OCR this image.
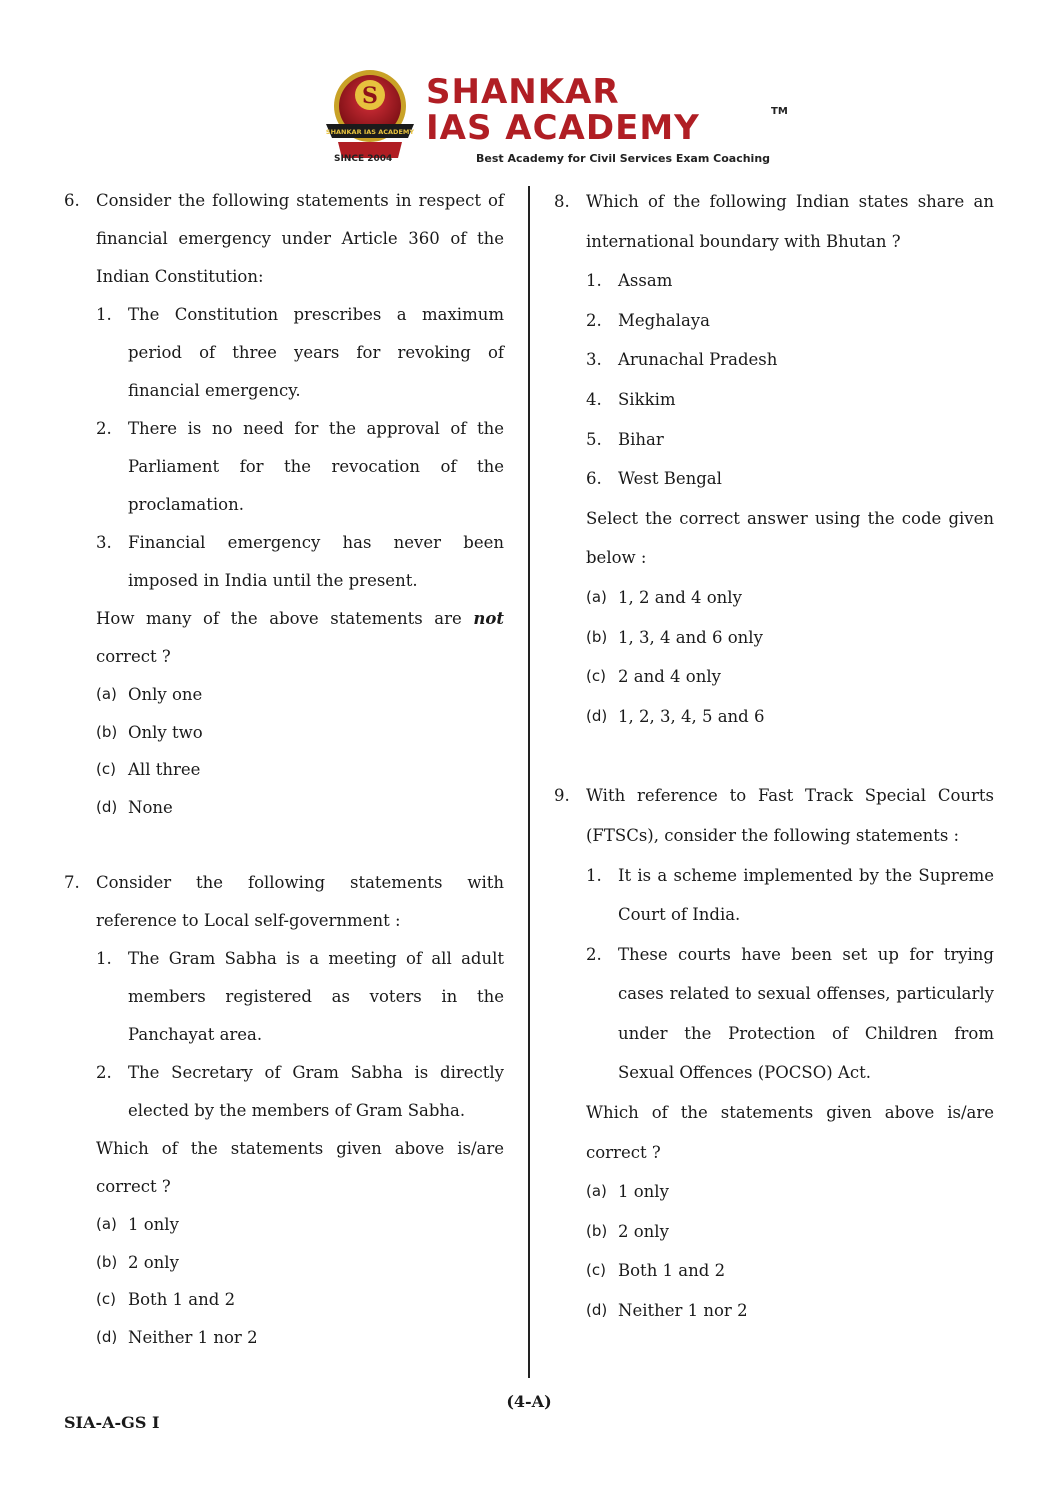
S
SHANKAR IAS ACADEMY
SINCE 2004
SHANKAR
IAS ACADEMY	TM
Best Academy for Civil Services Exam Coaching
6. Consider the following statements in respect of financial emergency under Article 360 of the Indian Constitution:
1. The Constitution prescribes a maximum period of three years for revoking of financial emergency.
2. There is no need for the approval of the Parliament for the revocation of the proclamation.
3. Financial emergency has never been imposed in India until the present.
How many of the above statements are not correct ?
(a) Only one
(b) Only two
(c) All three
(d) None
7. Consider the following statements with reference to Local self-government :
1. The Gram Sabha is a meeting of all adult members registered as voters in the Panchayat area.
2. The Secretary of Gram Sabha is directly elected by the members of Gram Sabha.
Which of the statements given above is/are correct ?
(a) 1 only
(b) 2 only
(c) Both 1 and 2
(d) Neither 1 nor 2
8. Which of the following Indian states share an international boundary with Bhutan ?
1. Assam
2. Meghalaya
3. Arunachal Pradesh
4. Sikkim
5. Bihar
6. West Bengal
Select the correct answer using the code given below :
(a) 1, 2 and 4 only
(b) 1, 3, 4 and 6 only
(c) 2 and 4 only
(d) 1, 2, 3, 4, 5 and 6
9. With reference to Fast Track Special Courts (FTSCs), consider the following statements :
1. It is a scheme implemented by the Supreme Court of India.
2. These courts have been set up for trying cases related to sexual offenses, particularly under the Protection of Children from Sexual Offences (POCSO) Act.
Which of the statements given above is/are correct ?
(a) 1 only
(b) 2 only
(c) Both 1 and 2
(d) Neither 1 nor 2
(4-A)
SIA-A-GS I
